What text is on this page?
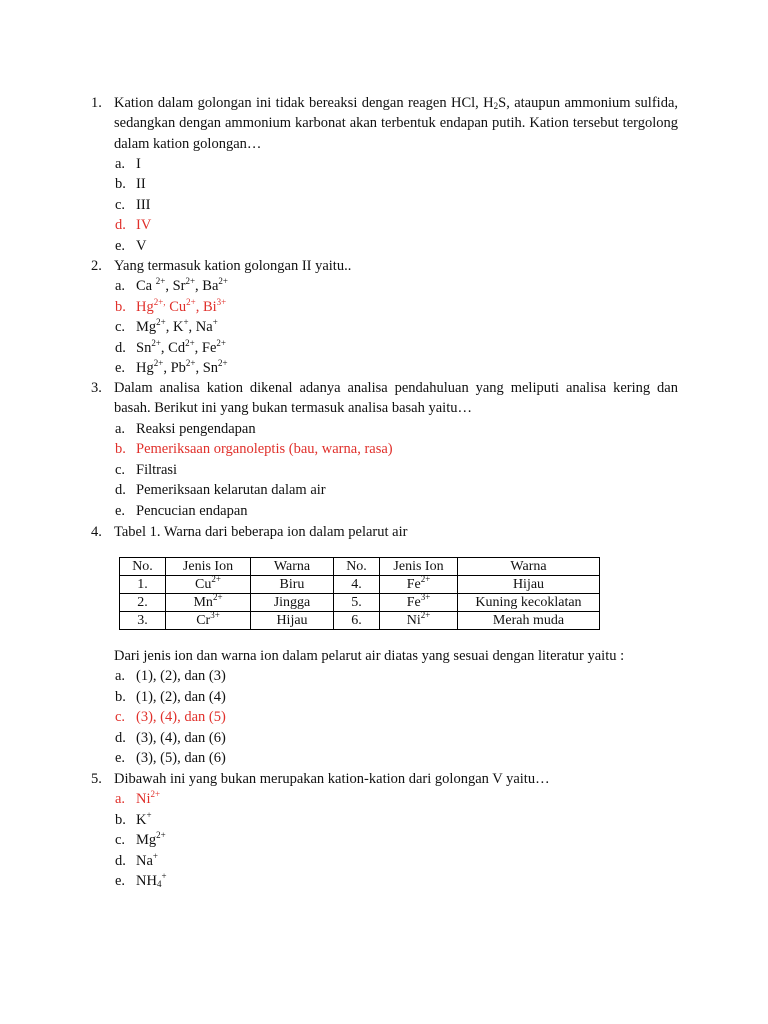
1. Kation dalam golongan ini tidak bereaksi dengan reagen HCl, $H_2S$, ataupun ammonium sulfida, sedangkan dengan ammonium karbonat akan terbentuk endapan putih. Kation tersebut tergolong dalam kation golongan…
a. I
b. II
c. III
d. IV
e. V
2. Yang termasuk kation golongan II yaitu..
a. Ca $^{2+}$, $Sr^{2+}$, $Ba^{2+}$
b. $Hg^{2+,}$ $Cu^{2+}$, $Bi^{3+}$
c. $Mg^{2+}$, K+, Na+
d. $Sn^{2+}$, $Cd^{2+}$, $Fe^{2+}$
e. $Hg^{2+}$, $Pb^{2+}$, $Sn^{2+}$
3. Dalam analisa kation dikenal adanya analisa pendahuluan yang meliputi analisa kering dan basah. Berikut ini yang bukan termasuk analisa basah yaitu…
a. Reaksi pengendapan
b. Pemeriksaan organoleptis (bau, warna, rasa)
c. Filtrasi
d. Pemeriksaan kelarutan dalam air
e. Pencucian endapan
4. Tabel 1. Warna dari beberapa ion dalam pelarut air
No.	Jenis Ion	Warna	No.	Jenis Ion	Warna
1.	$Cu^{2+}$	Biru	4.	$Fe^{2+}$	Hijau
2.	$Mn^{2+}$	Jingga	5.	$Fe^{3+}$	Kuning kecoklatan
3.	$Cr^{3+}$	Hijau	6.	$Ni^{2+}$	Merah muda
Dari jenis ion dan warna ion dalam pelarut air diatas yang sesuai dengan literatur yaitu :
a. (1), (2), dan (3)
b. (1), (2), dan (4)
c. (3), (4), dan (5)
d. (3), (4), dan (6)
e. (3), (5), dan (6)
5. Dibawah ini yang bukan merupakan kation-kation dari golongan V yaitu…
a. $Ni^{2+}$
b. K+
c. $Mg^{2+}$
d. Na+
e. $NH_4^+$
